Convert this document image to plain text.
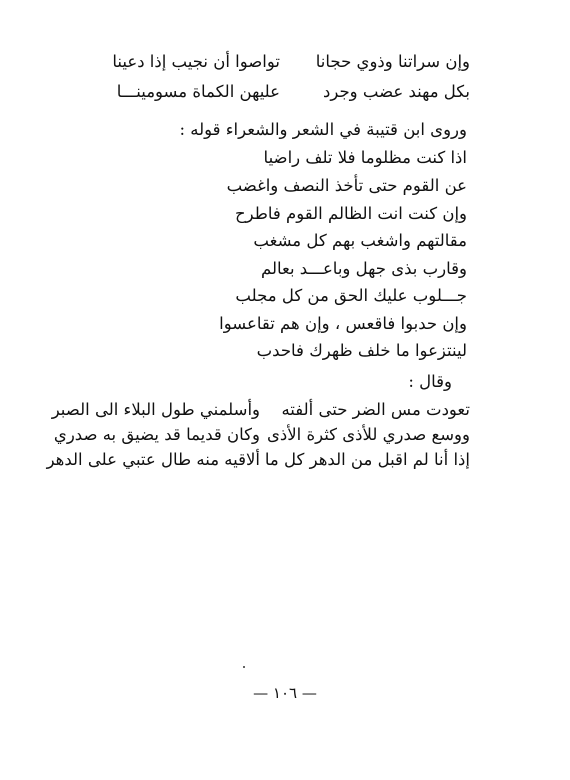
وإن سراتنا وذوي حجانا
تواصوا أن نجيب إذا دعينا
بكل مهند عضب وجرد
عليهن الكماة مسومينـــا
وروى ابن قتيبة في الشعر والشعراء قوله :
اذا كنت مظلوما فلا تلف راضيا
عن القوم حتى تأخذ النصف واغضب
وإن كنت انت الظالم القوم فاطرح
مقالتهم واشغب بهم كل مشغب
وقارب بذى جهل وباعـــد بعالم
جـــلوب عليك الحق من كل مجلب
وإن حدبوا فاقعس ، وإن هم تقاعسوا
لينتزعوا ما خلف ظهرك فاحدب
وقال :
تعودت مس الضر حتى ألفته
وأسلمني طول البلاء الى الصبر
ووسع صدري للأذى كثرة الأذى
وكان قديما قد يضيق به صدري
إذا أنا لم اقبل من الدهر كل ما
ألاقيه منه طال عتبي على الدهر
— ١٠٦ —
